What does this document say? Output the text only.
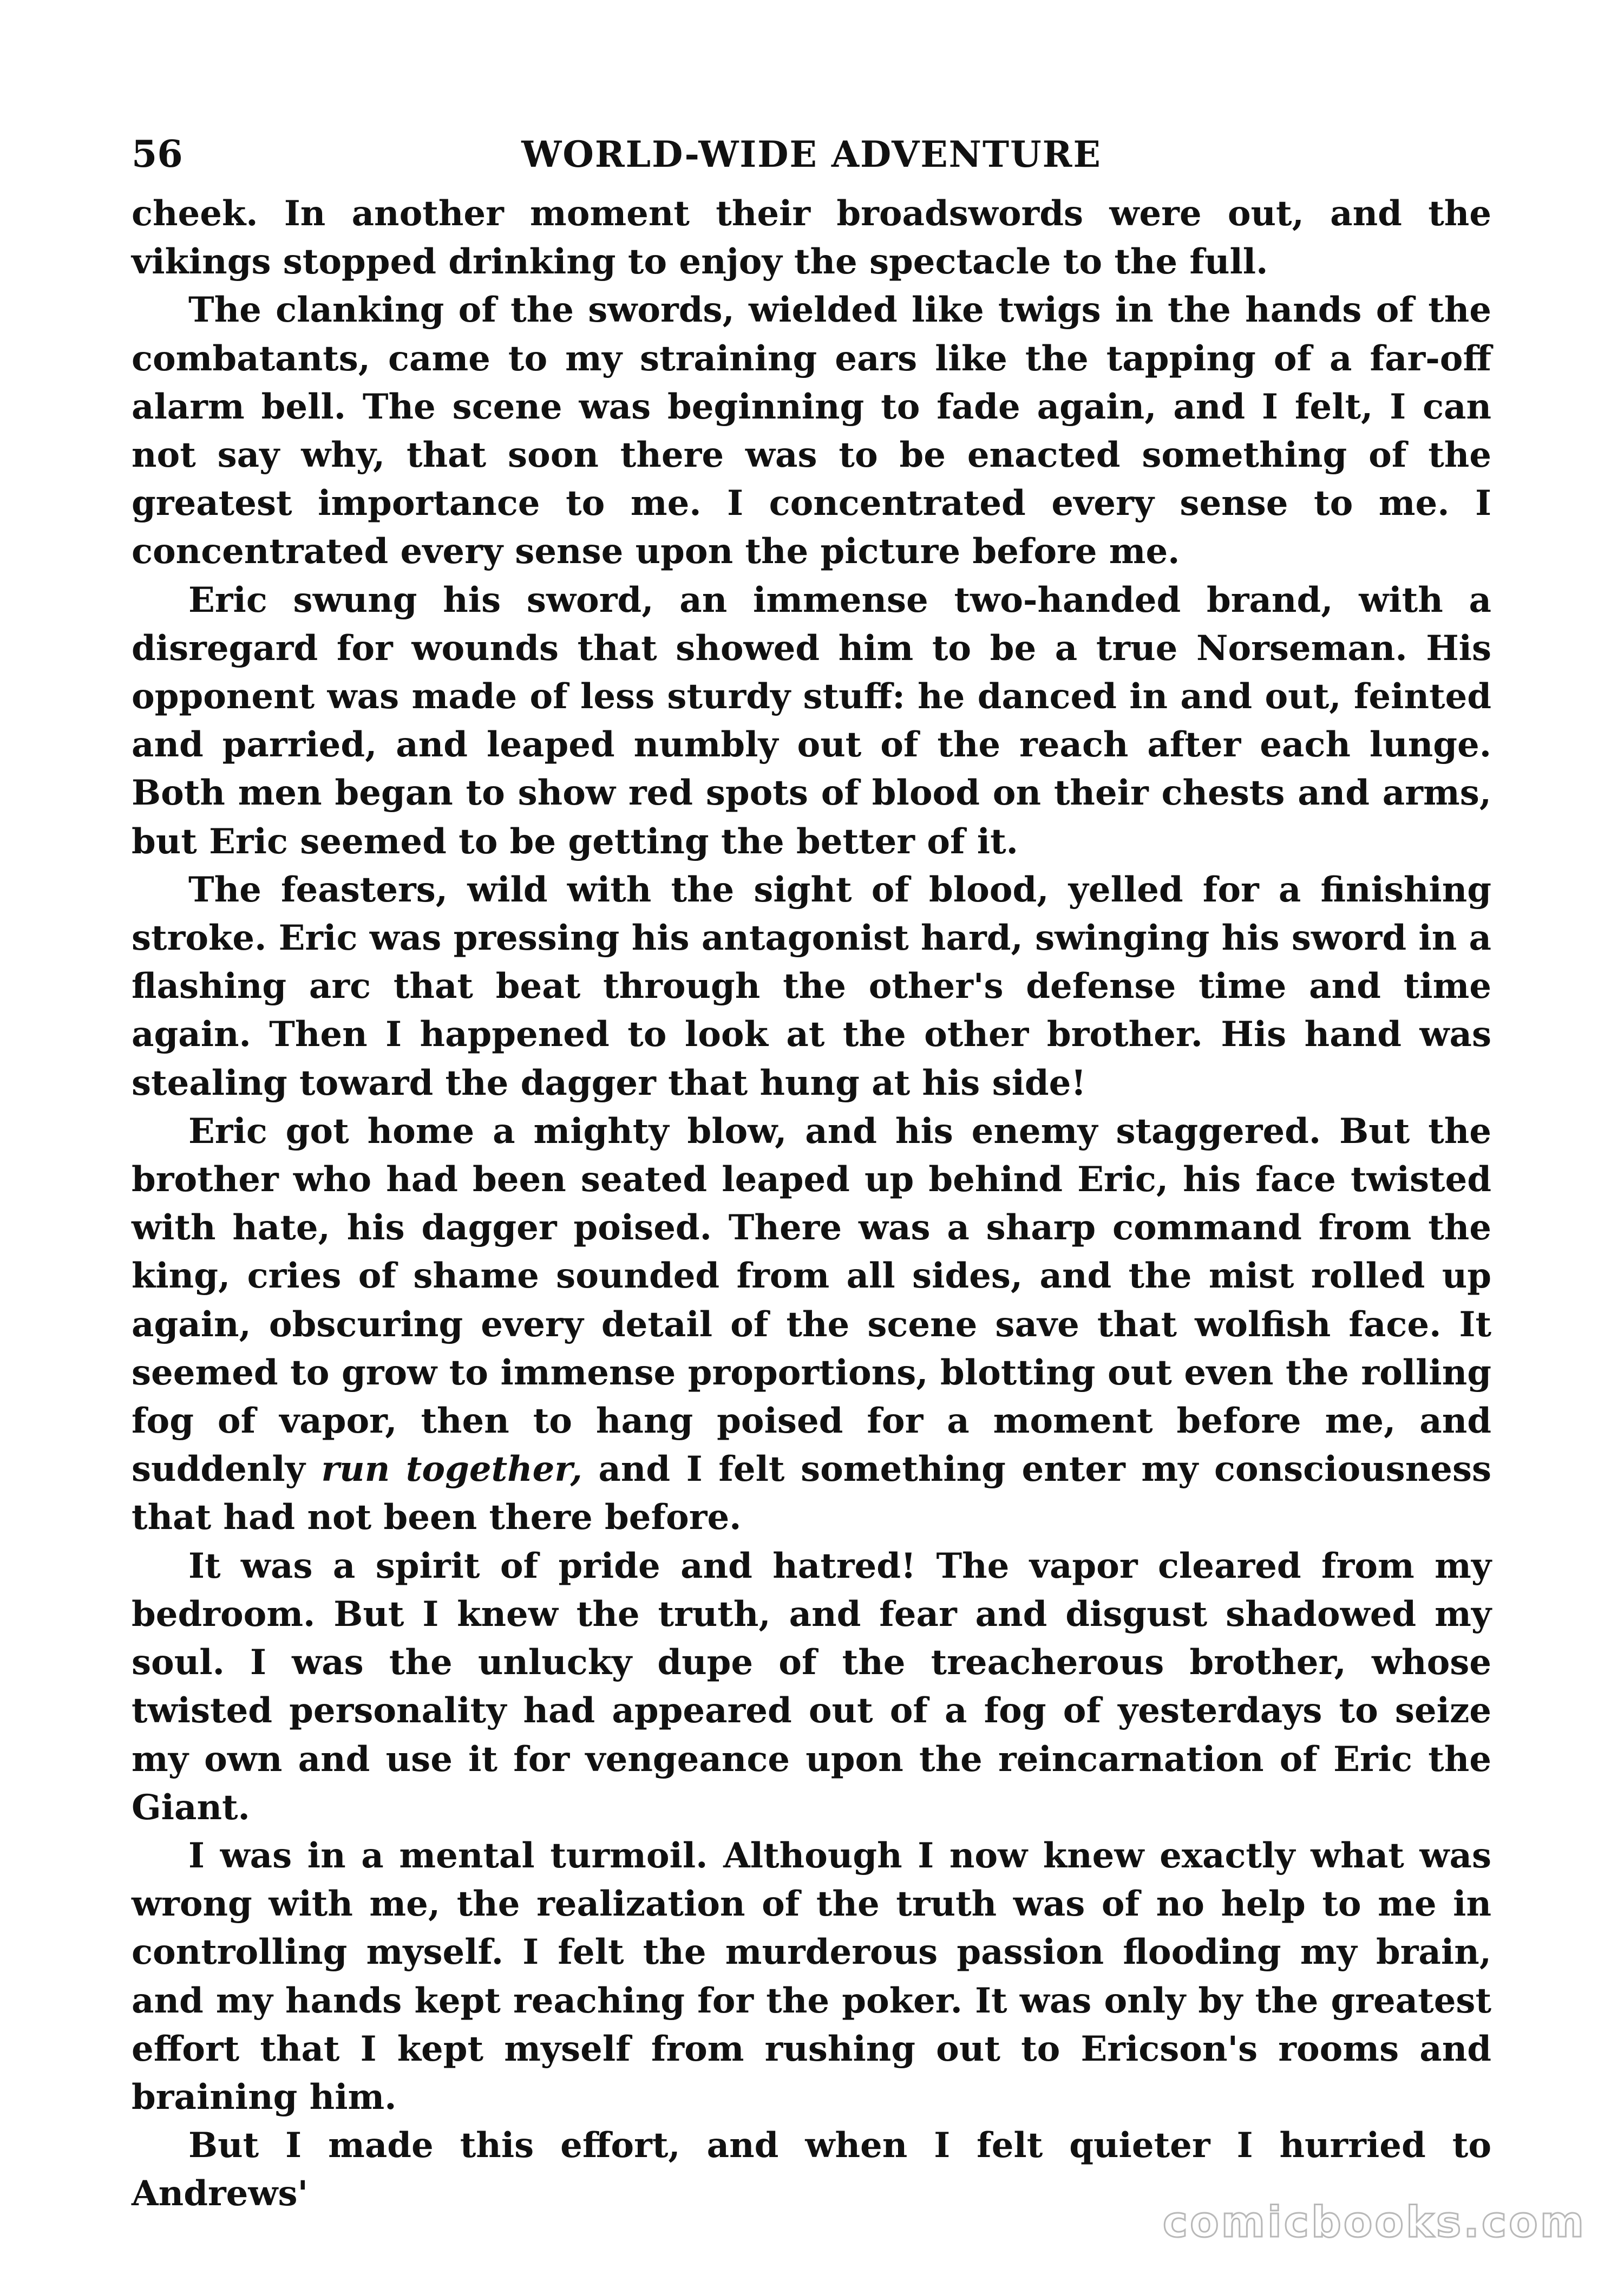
56	WORLD-WIDE ADVENTURE

cheek. In another moment their broadswords were out, and the vikings stopped drinking to enjoy the spectacle to the full.

The clanking of the swords, wielded like twigs in the hands of the combatants, came to my straining ears like the tapping of a far-off alarm bell. The scene was beginning to fade again, and I felt, I can not say why, that soon there was to be enacted something of the greatest importance to me. I concentrated every sense to me. I concentrated every sense upon the picture before me.

Eric swung his sword, an immense two-handed brand, with a disregard for wounds that showed him to be a true Norseman. His opponent was made of less sturdy stuff: he danced in and out, feinted and parried, and leaped numbly out of the reach after each lunge. Both men began to show red spots of blood on their chests and arms, but Eric seemed to be getting the better of it.

The feasters, wild with the sight of blood, yelled for a finishing stroke. Eric was pressing his antagonist hard, swinging his sword in a flashing arc that beat through the other's defense time and time again. Then I happened to look at the other brother. His hand was stealing toward the dagger that hung at his side!

Eric got home a mighty blow, and his enemy staggered. But the brother who had been seated leaped up behind Eric, his face twisted with hate, his dagger poised. There was a sharp command from the king, cries of shame sounded from all sides, and the mist rolled up again, obscuring every detail of the scene save that wolfish face. It seemed to grow to immense proportions, blotting out even the rolling fog of vapor, then to hang poised for a moment before me, and suddenly run together, and I felt something enter my consciousness that had not been there before.

It was a spirit of pride and hatred! The vapor cleared from my bedroom. But I knew the truth, and fear and disgust shadowed my soul. I was the unlucky dupe of the treacherous brother, whose twisted personality had appeared out of a fog of yesterdays to seize my own and use it for vengeance upon the reincarnation of Eric the Giant.

I was in a mental turmoil. Although I now knew exactly what was wrong with me, the realization of the truth was of no help to me in controlling myself. I felt the murderous passion flooding my brain, and my hands kept reaching for the poker. It was only by the greatest effort that I kept myself from rushing out to Ericson's rooms and braining him.

But I made this effort, and when I felt quieter I hurried to Andrews'

comicbooks.com
